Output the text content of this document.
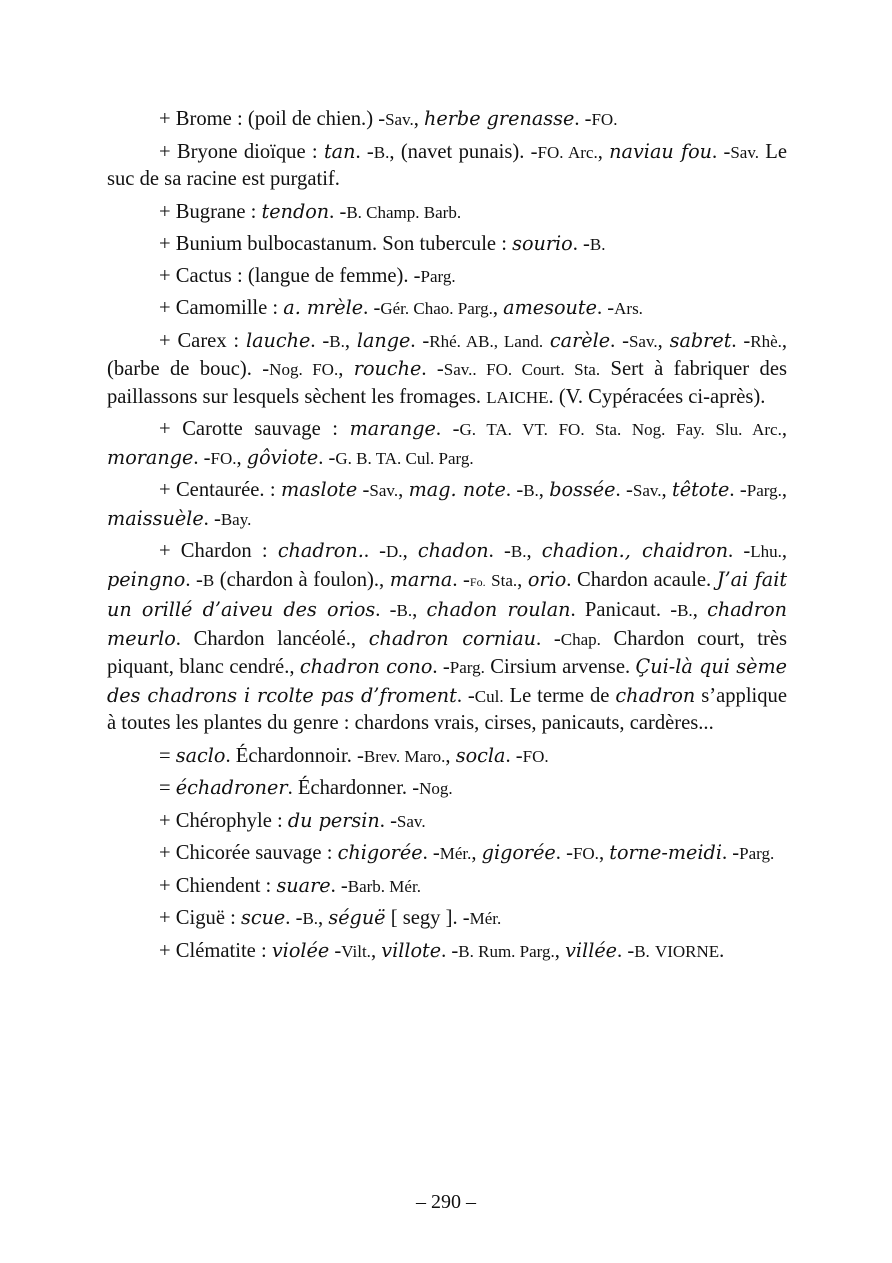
+ Brome : (poil de chien.) -Sav., herbe grenasse. -FO.

+ Bryone dioïque : tan. -B., (navet punais). -FO. Arc., naviau fou. -Sav. Le suc de sa racine est purgatif.

+ Bugrane : tendon. -B. Champ. Barb.

+ Bunium bulbocastanum. Son tubercule : sourio. -B.

+ Cactus : (langue de femme). -Parg.

+ Camomille : a. mrèle. -Gér. Chao. Parg., amesoute. -Ars.

+ Carex : lauche. -B., lange. -Rhé. AB., Land. carèle. -Sav., sabret. -Rhè., (barbe de bouc). -Nog. FO., rouche. -Sav.. FO. Court. Sta. Sert à fabriquer des paillassons sur lesquels sèchent les fromages. LAICHE. (V. Cypéracées ci-après).

+ Carotte sauvage : marange. -G. TA. VT. FO. Sta. Nog. Fay. Slu. Arc., morange. -FO., gôviote. -G. B. TA. Cul. Parg.

+ Centaurée. : maslote -Sav., mag. note. -B., bossée. -Sav., têtote. -Parg., maissuèle. -Bay.

+ Chardon : chadron.. -D., chadon. -B., chadion., chaidron. -Lhu., peingno. -B (chardon à foulon)., marna. -Fo. Sta., orio. Chardon acaule. J’ai fait un orillé d’aiveu des orios. -B., chadon roulan. Panicaut. -B., chadron meurlo. Chardon lancéolé., chadron corniau. -Chap. Chardon court, très piquant, blanc cendré., chadron cono. -Parg. Cirsium arvense. Çui-là qui sème des chadrons i rcolte pas d’froment. -Cul. Le terme de chadron s’applique à toutes les plantes du genre : chardons vrais, cirses, panicauts, cardères...

= saclo. Échardonnoir. -Brev. Maro., socla. -FO.

= échadroner. Échardonner. -Nog.

+ Chérophyle : du persin. -Sav.

+ Chicorée sauvage : chigorée. -Mér., gigorée. -FO., torne-meidi. -Parg.

+ Chiendent : suare. -Barb. Mér.

+ Ciguë : scue. -B., séguë [ segy ]. -Mér.

+ Clématite : violée -Vilt., villote. -B. Rum. Parg., villée. -B. VIORNE.

– 290 –
